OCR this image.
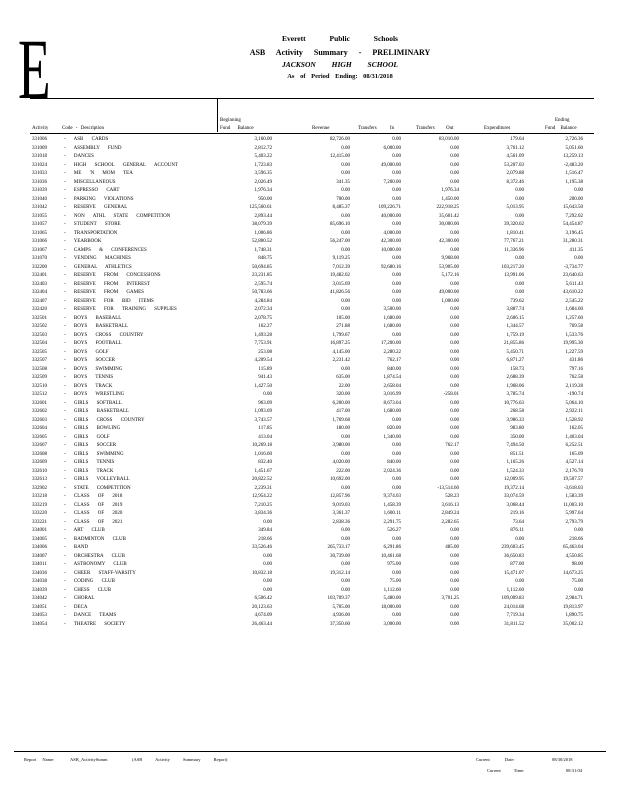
E	Everett Public Schools
ASB Activity Summary - PRELIMINARY
JACKSON HIGH SCHOOL
As of Period Ending: 08/31/2018
Activity	Code - Description
Beginning
Fund Balance	Revenue	Transfers In	Transfers Out	Expenditures
Ending
Fund Balance
331006	- ASB CARDS	3,160.00	82,726.00	0.00	83,010.00	179.64	2,726.36
331009	- ASSEMBLY FUND	2,812.72	0.00	6,000.00	0.00	3,761.12	5,051.60
331018	- DANCES	5,403.22	12,415.00	0.00	0.00	4,561.09	13,259.13
331024	- HIGH SCHOOL GENERAL ACCOUNT	1,723.83	0.00	49,000.00	0.00	53,207.03	-2,483.20
331033	- ME 'N MOM TEA	3,596.35	0.00	0.00	0.00	2,079.88	1,516.47
331036	- MISCELLANEOUS	2,026.49	341.35	7,200.00	0.00	8,372.46	1,195.38
331039	- ESPRESSO CART	1,976.34	0.00	0.00	1,976.34	0.00	0.00
331040	- PARKING VIOLATIONS	950.00	700.00	0.00	1,450.00	0.00	200.00
331042	- RESERVE GENERAL	125,560.61	8,485.37	109,226.71	222,918.25	5,013.95	15,643.50
331055	- NON ATHL STATE COMPETITION	2,893.44	0.00	40,000.00	35,601.42	0.00	7,292.02
331057	- STUDENT STORE	38,079.39	85,696.10	0.00	30,000.00	39,320.62	54,454.87
331065	- TRANSPORTATION	1,006.86	0.00	4,000.00	0.00	1,810.41	3,196.45
331066	- YEARBOOK	52,800.52	56,247.00	42,300.00	42,300.00	77,767.21	31,280.31
331067	- CAMPS & CONFERENCES	1,748.31	0.00	10,000.00	0.00	11,336.96	411.35
331070	- VENDING MACHINES	848.75	9,119.25	0.00	9,968.00	0.00	0.00
332200	- GENERAL ATHLETICS	50,694.85	7,012.39	92,680.16	53,905.00	103,217.20	-3,734.77
332401	- RESERVE FROM CONCESSIONS	23,231.85	19,482.02	0.00	5,172.16	13,991.06	23,640.63
332403	- RESERVE FROM INTEREST	2,595.74	3,015.69	0.00	0.00	0.00	5,611.43
332404	- RESERVE FROM GAMES	50,783.66	41,826.56	0.00	49,000.00	0.00	43,610.22
332407	- RESERVE FOR BID ITEMS	4,284.84	0.00	0.00	1,000.00	739.62	2,545.22
332420	- RESERVE FOR TRAINING SUPPLIES	2,072.34	0.00	3,500.00	0.00	3,887.74	1,684.60
332501	- BOYS BASEBALL	2,078.75	105.00	1,680.00	0.00	2,606.15	1,257.60
332502	- BOYS BASKETBALL	162.27	271.88	1,680.00	0.00	1,344.57	769.58
332503	- BOYS CROSS COUNTRY	1,493.28	1,799.67	0.00	0.00	1,759.19	1,533.76
332504	- BOYS FOOTBALL	7,753.91	16,897.25	17,200.00	0.00	21,855.86	19,995.30
332505	- BOYS GOLF	253.08	4,145.00	2,280.22	0.00	5,450.71	1,227.59
332507	- BOYS SOCCER	4,209.54	2,231.42	762.17	0.00	6,871.27	431.86
332508	- BOYS SWIMMING	115.89	0.00	840.00	0.00	158.73	797.16
332509	- BOYS TENNIS	941.43	635.00	1,874.54	0.00	2,688.39	762.58
332510	- BOYS TRACK	1,427.50	22.00	2,658.04	0.00	1,968.06	2,119.28
332512	- BOYS WRESTLING	0.00	320.00	3,016.99	-258.01	3,785.74	-190.74
332601	- GIRLS SOFTBALL	963.09	6,200.00	8,673.64	0.00	10,776.63	5,064.10
332602	- GIRLS BASKETBALL	1,093.69	417.00	1,680.00	0.00	268.58	2,922.11
332603	- GIRLS CROSS COUNTRY	3,743.57	1,769.68	0.00	0.00	3,986.33	1,528.92
332604	- GIRLS BOWLING	117.85	180.00	820.00	0.00	983.80	162.05
332605	- GIRLS GOLF	413.04	0.00	1,340.00	0.00	350.00	1,403.04
332607	- GIRLS SOCCER	10,269.18	3,980.00	0.00	762.17	7,494.50	6,252.51
332608	- GIRLS SWIMMING	1,016.60	0.00	0.00	0.00	851.51	165.09
332609	- GIRLS TENNIS	832.40	4,020.00	840.00	0.00	1,165.26	4,527.14
332610	- GIRLS TRACK	1,451.67	222.00	2,024.36	0.00	1,524.33	2,176.70
332613	- GIRLS VOLLEYBALL	20,822.52	10,692.00	0.00	0.00	12,009.95	19,507.57
332902	- STATE COMPETITION	2,239.31	0.00	0.00	-13,514.60	19,372.14	-3,618.03
333218	- CLASS OF 2018	12,954.22	12,857.96	9,374.03	528.23	33,074.59	1,583.39
333219	- CLASS OF 2019	7,210.25	9,019.03	1,458.39	3,616.13	3,068.44	11,003.10
333220	- CLASS OF 2020	3,834.36	3,361.37	1,600.11	2,849.24	219.16	5,997.64
333221	- CLASS OF 2021	0.00	2,838.36	2,291.75	2,282.65	73.64	2,793.79
334001	- ART CLUB	349.84	0.00	526.27	0.00	876.11	0.00
334005	- BADMINTON CLUB	218.66	0.00	0.00	0.00	0.00	218.66
334006	- BAND	33,526.46	265,733.17	6,291.86	485.00	239,603.45	65,463.04
334007	- ORCHESTRA CLUB	0.00	30,739.00	10,461.68	0.00	36,650.83	4,550.85
334011	- ASTRONOMY CLUB	0.00	0.00	975.00	0.00	877.00	98.00
334036	- CHEER STAFF-VARSITY	10,832.18	19,312.14	0.00	0.00	15,471.07	14,673.25
334038	- CODING CLUB	0.00	0.00	75.00	0.00	0.00	75.00
334039	- CHESS CLUB	0.00	0.00	1,112.60	0.00	1,112.60	0.00
334042	- CHORAL	6,506.42	103,709.37	5,480.00	3,701.25	109,009.83	2,984.71
334051	- DECA	20,123.63	5,705.00	18,000.00	0.00	24,014.68	19,813.97
334053	- DANCE TEAMS	4,674.09	4,936.00	0.00	0.00	7,719.34	1,890.75
334054	- THEATRE SOCIETY	26,463.44	37,350.60	3,000.00	0.00	31,811.52	35,002.12
Report Name:	ASB_ActivitySumm	(ASB Activity Summary Report)	Current Date:	08/30/2018
Current Time:	08:31:04
